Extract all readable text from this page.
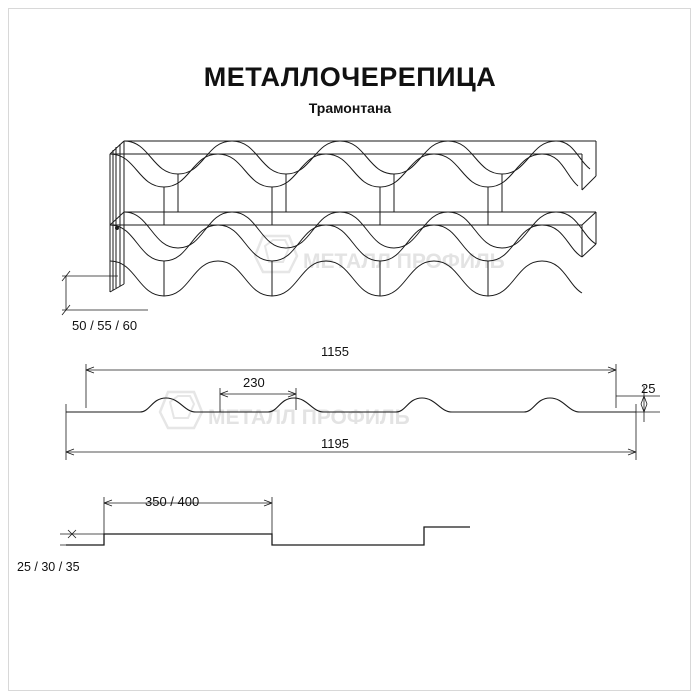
МЕТАЛЛОЧЕРЕПИЦА
Трамонтана
МЕТАЛЛ ПРОФИЛЬ
МЕТАЛЛ ПРОФИЛЬ
50 / 55 / 60
1155
230	25
1195
350 / 400
25 / 30 / 35
